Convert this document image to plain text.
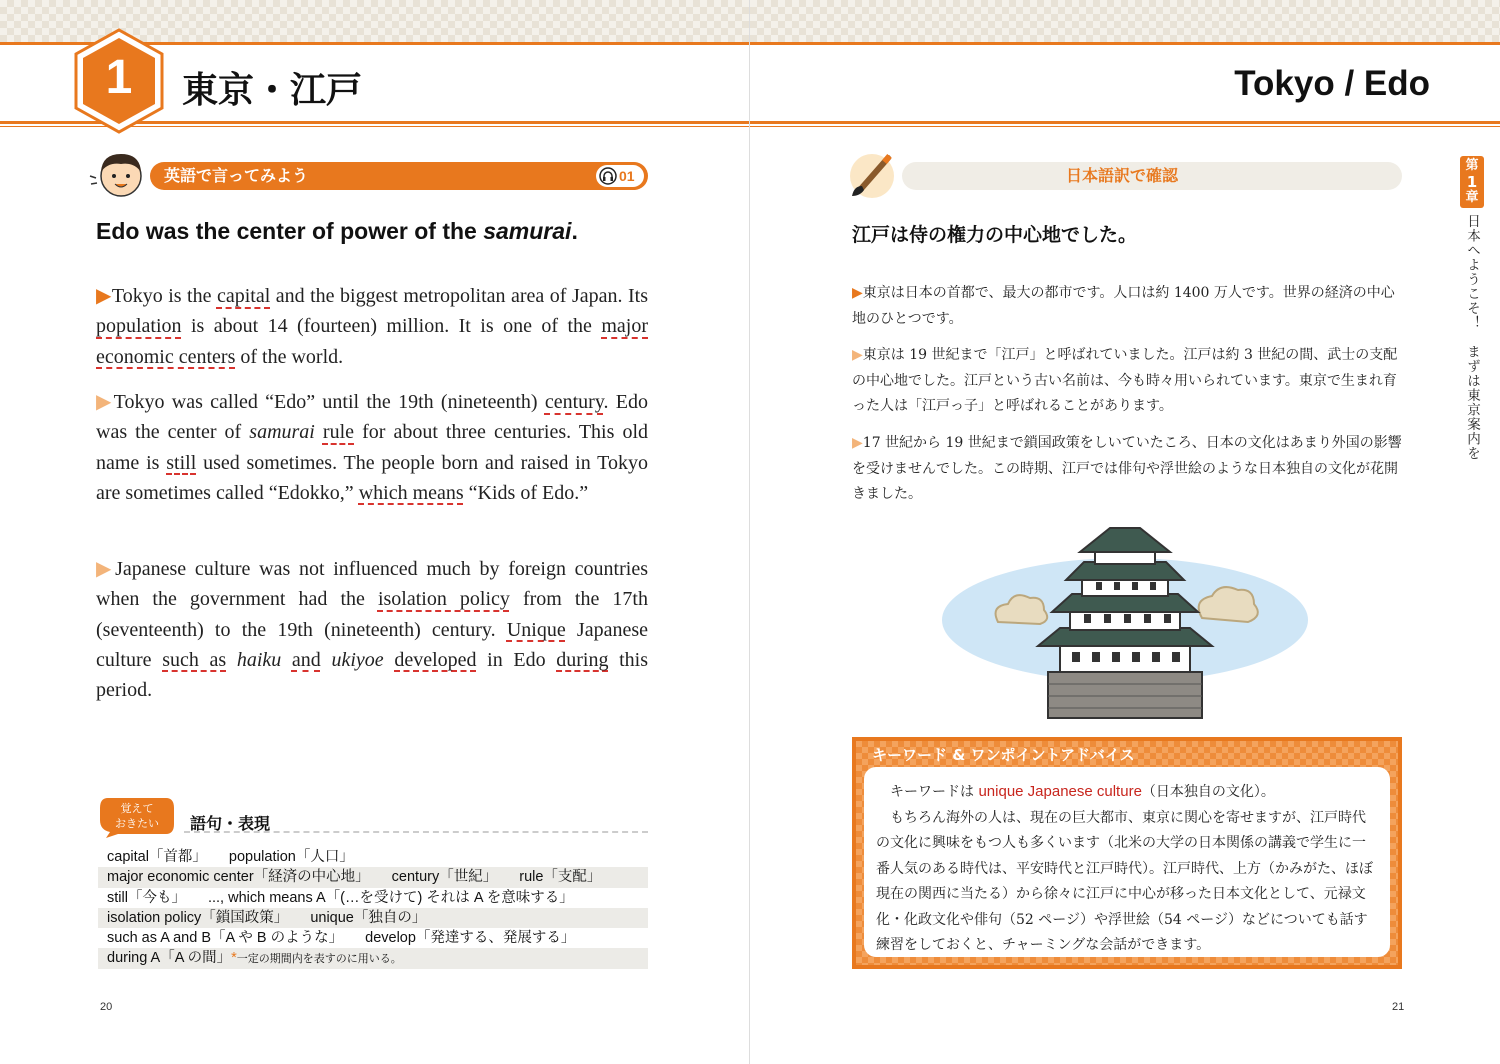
1	東京・江戸
英語で言ってみよう	01
Edo was the center of power of the samurai.

▶Tokyo is the capital and the biggest metropolitan area of Japan. Its population is about 14 (fourteen) million. It is one of the major economic centers of the world.

▶Tokyo was called “Edo” until the 19th (nineteenth) century. Edo was the center of samurai rule for about three centuries. This old name is still used sometimes. The people born and raised in Tokyo are sometimes called “Edokko,” which means “Kids of Edo.”

▶Japanese culture was not influenced much by foreign countries when the government had the isolation policy from the 17th (seventeenth) to the 19th (nineteenth) century. Unique Japanese culture such as haiku and ukiyoe developed in Edo during this period.

覚えて
おきたい	語句・表現
capital「首都」 population「人口」
major economic center「経済の中心地」 century「世紀」 rule「支配」
still「今も」 ..., which means A「(…を受けて) それは A を意味する」
isolation policy「鎖国政策」 unique「独自の」
such as A and B「A や B のような」 develop「発達する、発展する」
during A「A の間」*一定の期間内を表すのに用いる。
20
Tokyo / Edo
日本語訳で確認
江戸は侍の権力の中心地でした。

▶東京は日本の首都で、最大の都市です。人口は約 1400 万人です。世界の経済の中心地のひとつです。

▶東京は 19 世紀まで「江戸」と呼ばれていました。江戸は約 3 世紀の間、武士の支配の中心地でした。江戸という古い名前は、今も時々用いられています。東京で生まれ育った人は「江戸っ子」と呼ばれることがあります。

▶17 世紀から 19 世紀まで鎖国政策をしいていたころ、日本の文化はあまり外国の影響を受けませんでした。この時期、江戸では俳句や浮世絵のような日本独自の文化が花開きました。

キーワード & ワンポイントアドバイス
　キーワードは unique Japanese culture（日本独自の文化）。
　もちろん海外の人は、現在の巨大都市、東京に関心を寄せますが、江戸時代の文化に興味をもつ人も多くいます（北米の大学の日本関係の講義で学生に一番人気のある時代は、平安時代と江戸時代）。江戸時代、上方（かみがた、ほぼ現在の関西に当たる）から徐々に江戸に中心が移った日本文化として、元禄文化・化政文化や俳句（52 ページ）や浮世絵（54 ページ）などについても話す練習をしておくと、チャーミングな会話ができます。
第
1
章
日本へようこそ！　まずは東京案内を
21
